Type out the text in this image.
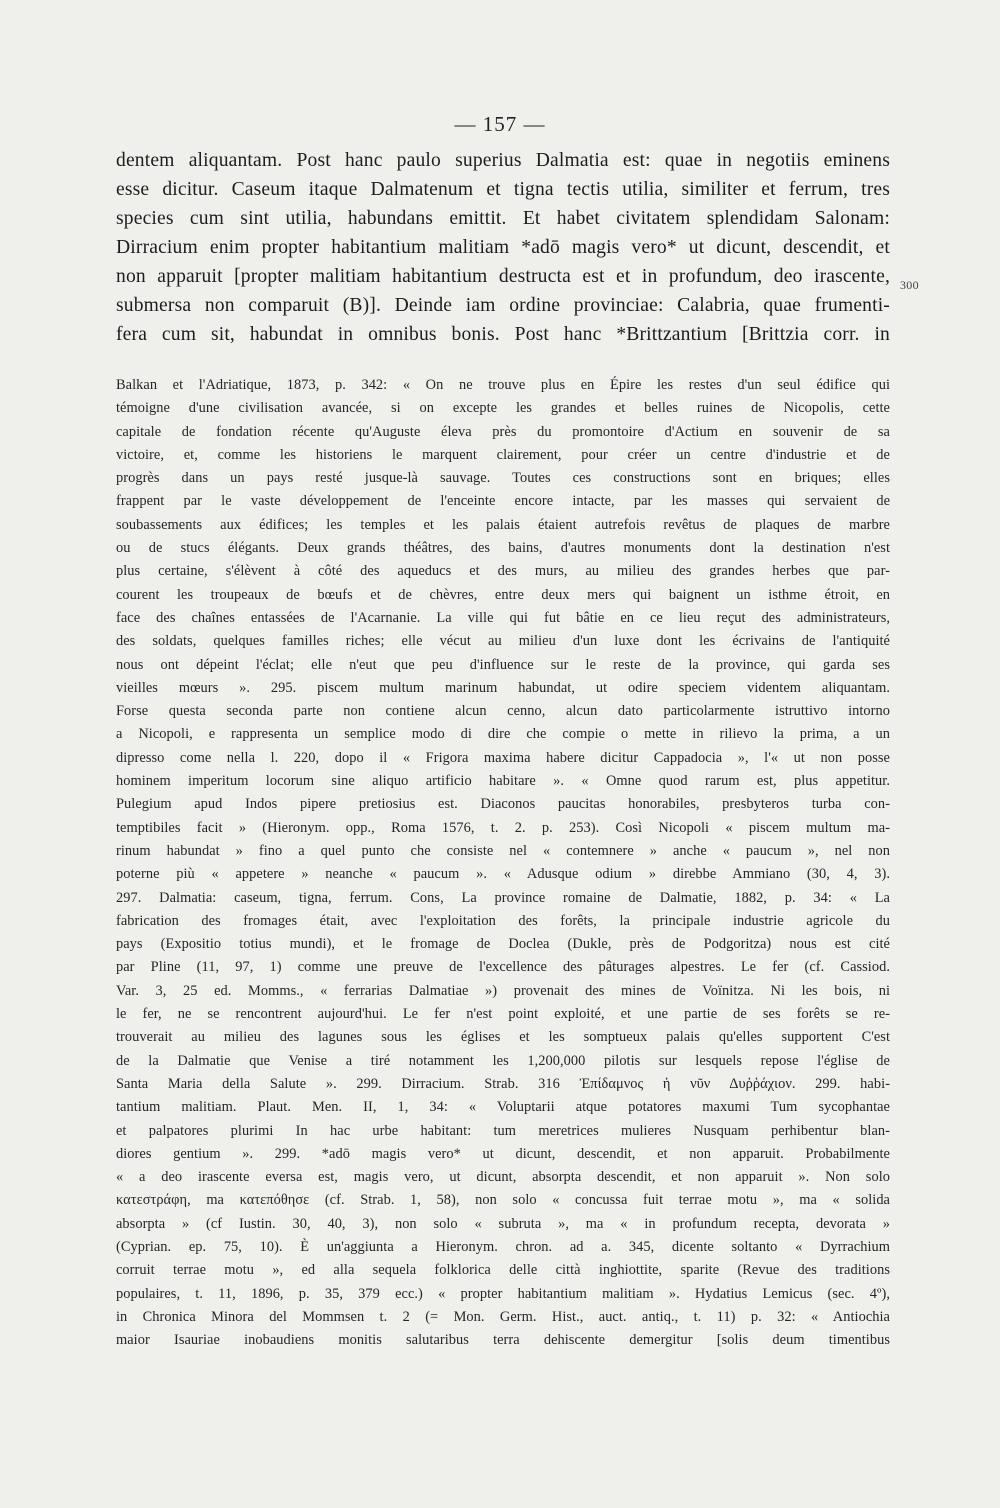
— 157 —
dentem aliquantam. Post hanc paulo superius Dalmatia est: quae in negotiis eminens
esse dicitur. Caseum itaque Dalmatenum et tigna tectis utilia, similiter et ferrum, tres
species cum sint utilia, habundans emittit. Et habet civitatem splendidam Salonam:
Dirracium enim propter habitantium malitiam *adō magis vero* ut dicunt, descendit, et
non apparuit [propter malitiam habitantium destructa est et in profundum, deo irascente,
submersa non comparuit (B)]. Deinde iam ordine provinciae: Calabria, quae frumenti-
fera cum sit, habundat in omnibus bonis. Post hanc *Brittzantium [Brittzia corr. in
300
Balkan et l'Adriatique, 1873, p. 342: « On ne trouve plus en Épire les restes d'un seul édifice qui
témoigne d'une civilisation avancée, si on excepte les grandes et belles ruines de Nicopolis, cette
capitale de fondation récente qu'Auguste éleva près du promontoire d'Actium en souvenir de sa
victoire, et, comme les historiens le marquent clairement, pour créer un centre d'industrie et de
progrès dans un pays resté jusque-là sauvage. Toutes ces constructions sont en briques; elles
frappent par le vaste développement de l'enceinte encore intacte, par les masses qui servaient de
soubassements aux édifices; les temples et les palais étaient autrefois revêtus de plaques de marbre
ou de stucs élégants. Deux grands théâtres, des bains, d'autres monuments dont la destination n'est
plus certaine, s'élèvent à côté des aqueducs et des murs, au milieu des grandes herbes que par-
courent les troupeaux de bœufs et de chèvres, entre deux mers qui baignent un isthme étroit, en
face des chaînes entassées de l'Acarnanie. La ville qui fut bâtie en ce lieu reçut des administrateurs,
des soldats, quelques familles riches; elle vécut au milieu d'un luxe dont les écrivains de l'antiquité
nous ont dépeint l'éclat; elle n'eut que peu d'influence sur le reste de la province, qui garda ses
vieilles mœurs ». 295. piscem multum marinum habundat, ut odire speciem videntem aliquantam.
Forse questa seconda parte non contiene alcun cenno, alcun dato particolarmente istruttivo intorno
a Nicopoli, e rappresenta un semplice modo di dire che compie o mette in rilievo la prima, a un
dipresso come nella l. 220, dopo il « Frigora maxima habere dicitur Cappadocia », l'« ut non posse
hominem imperitum locorum sine aliquo artificio habitare ». « Omne quod rarum est, plus appetitur.
Pulegium apud Indos pipere pretiosius est. Diaconos paucitas honorabiles, presbyteros turba con-
temptibiles facit » (Hieronym. opp., Roma 1576, t. 2. p. 253). Così Nicopoli « piscem multum ma-
rinum habundat » fino a quel punto che consiste nel « contemnere » anche « paucum », nel non
poterne più « appetere » neanche « paucum ». « Adusque odium » direbbe Ammiano (30, 4, 3).
297. Dalmatia: caseum, tigna, ferrum. Cons, La province romaine de Dalmatie, 1882, p. 34: « La
fabrication des fromages était, avec l'exploitation des forêts, la principale industrie agricole du
pays (Expositio totius mundi), et le fromage de Doclea (Dukle, près de Podgoritza) nous est cité
par Pline (11, 97, 1) comme une preuve de l'excellence des pâturages alpestres. Le fer (cf. Cassiod.
Var. 3, 25 ed. Momms., « ferrarias Dalmatiae ») provenait des mines de Voïnitza. Ni les bois, ni
le fer, ne se rencontrent aujourd'hui. Le fer n'est point exploité, et une partie de ses forêts se re-
trouverait au milieu des lagunes sous les églises et les somptueux palais qu'elles supportent C'est
de la Dalmatie que Venise a tiré notamment les 1,200,000 pilotis sur lesquels repose l'église de
Santa Maria della Salute ». 299. Dirracium. Strab. 316 Ἐπίδαμνος ἡ νῦν Δυῤῥάχιον. 299. habi-
tantium malitiam. Plaut. Men. II, 1, 34: « Voluptarii atque potatores maxumi Tum sycophantae
et palpatores plurimi In hac urbe habitant: tum meretrices mulieres Nusquam perhibentur blan-
diores gentium ». 299. *adō magis vero* ut dicunt, descendit, et non apparuit. Probabilmente
« a deo irascente eversa est, magis vero, ut dicunt, absorpta descendit, et non apparuit ». Non solo
κατεστράφη, ma κατεπόθησε (cf. Strab. 1, 58), non solo « concussa fuit terrae motu », ma « solida
absorpta » (cf Iustin. 30, 40, 3), non solo « subruta », ma « in profundum recepta, devorata »
(Cyprian. ep. 75, 10). È un'aggiunta a Hieronym. chron. ad a. 345, dicente soltanto « Dyrrachium
corruit terrae motu », ed alla sequela folklorica delle città inghiottite, sparite (Revue des traditions
populaires, t. 11, 1896, p. 35, 379 ecc.) « propter habitantium malitiam ». Hydatius Lemicus (sec. 4º),
in Chronica Minora del Mommsen t. 2 (= Mon. Germ. Hist., auct. antiq., t. 11) p. 32: « Antiochia
maior Isauriae inobaudiens monitis salutaribus terra dehiscente demergitur [solis deum timentibus
